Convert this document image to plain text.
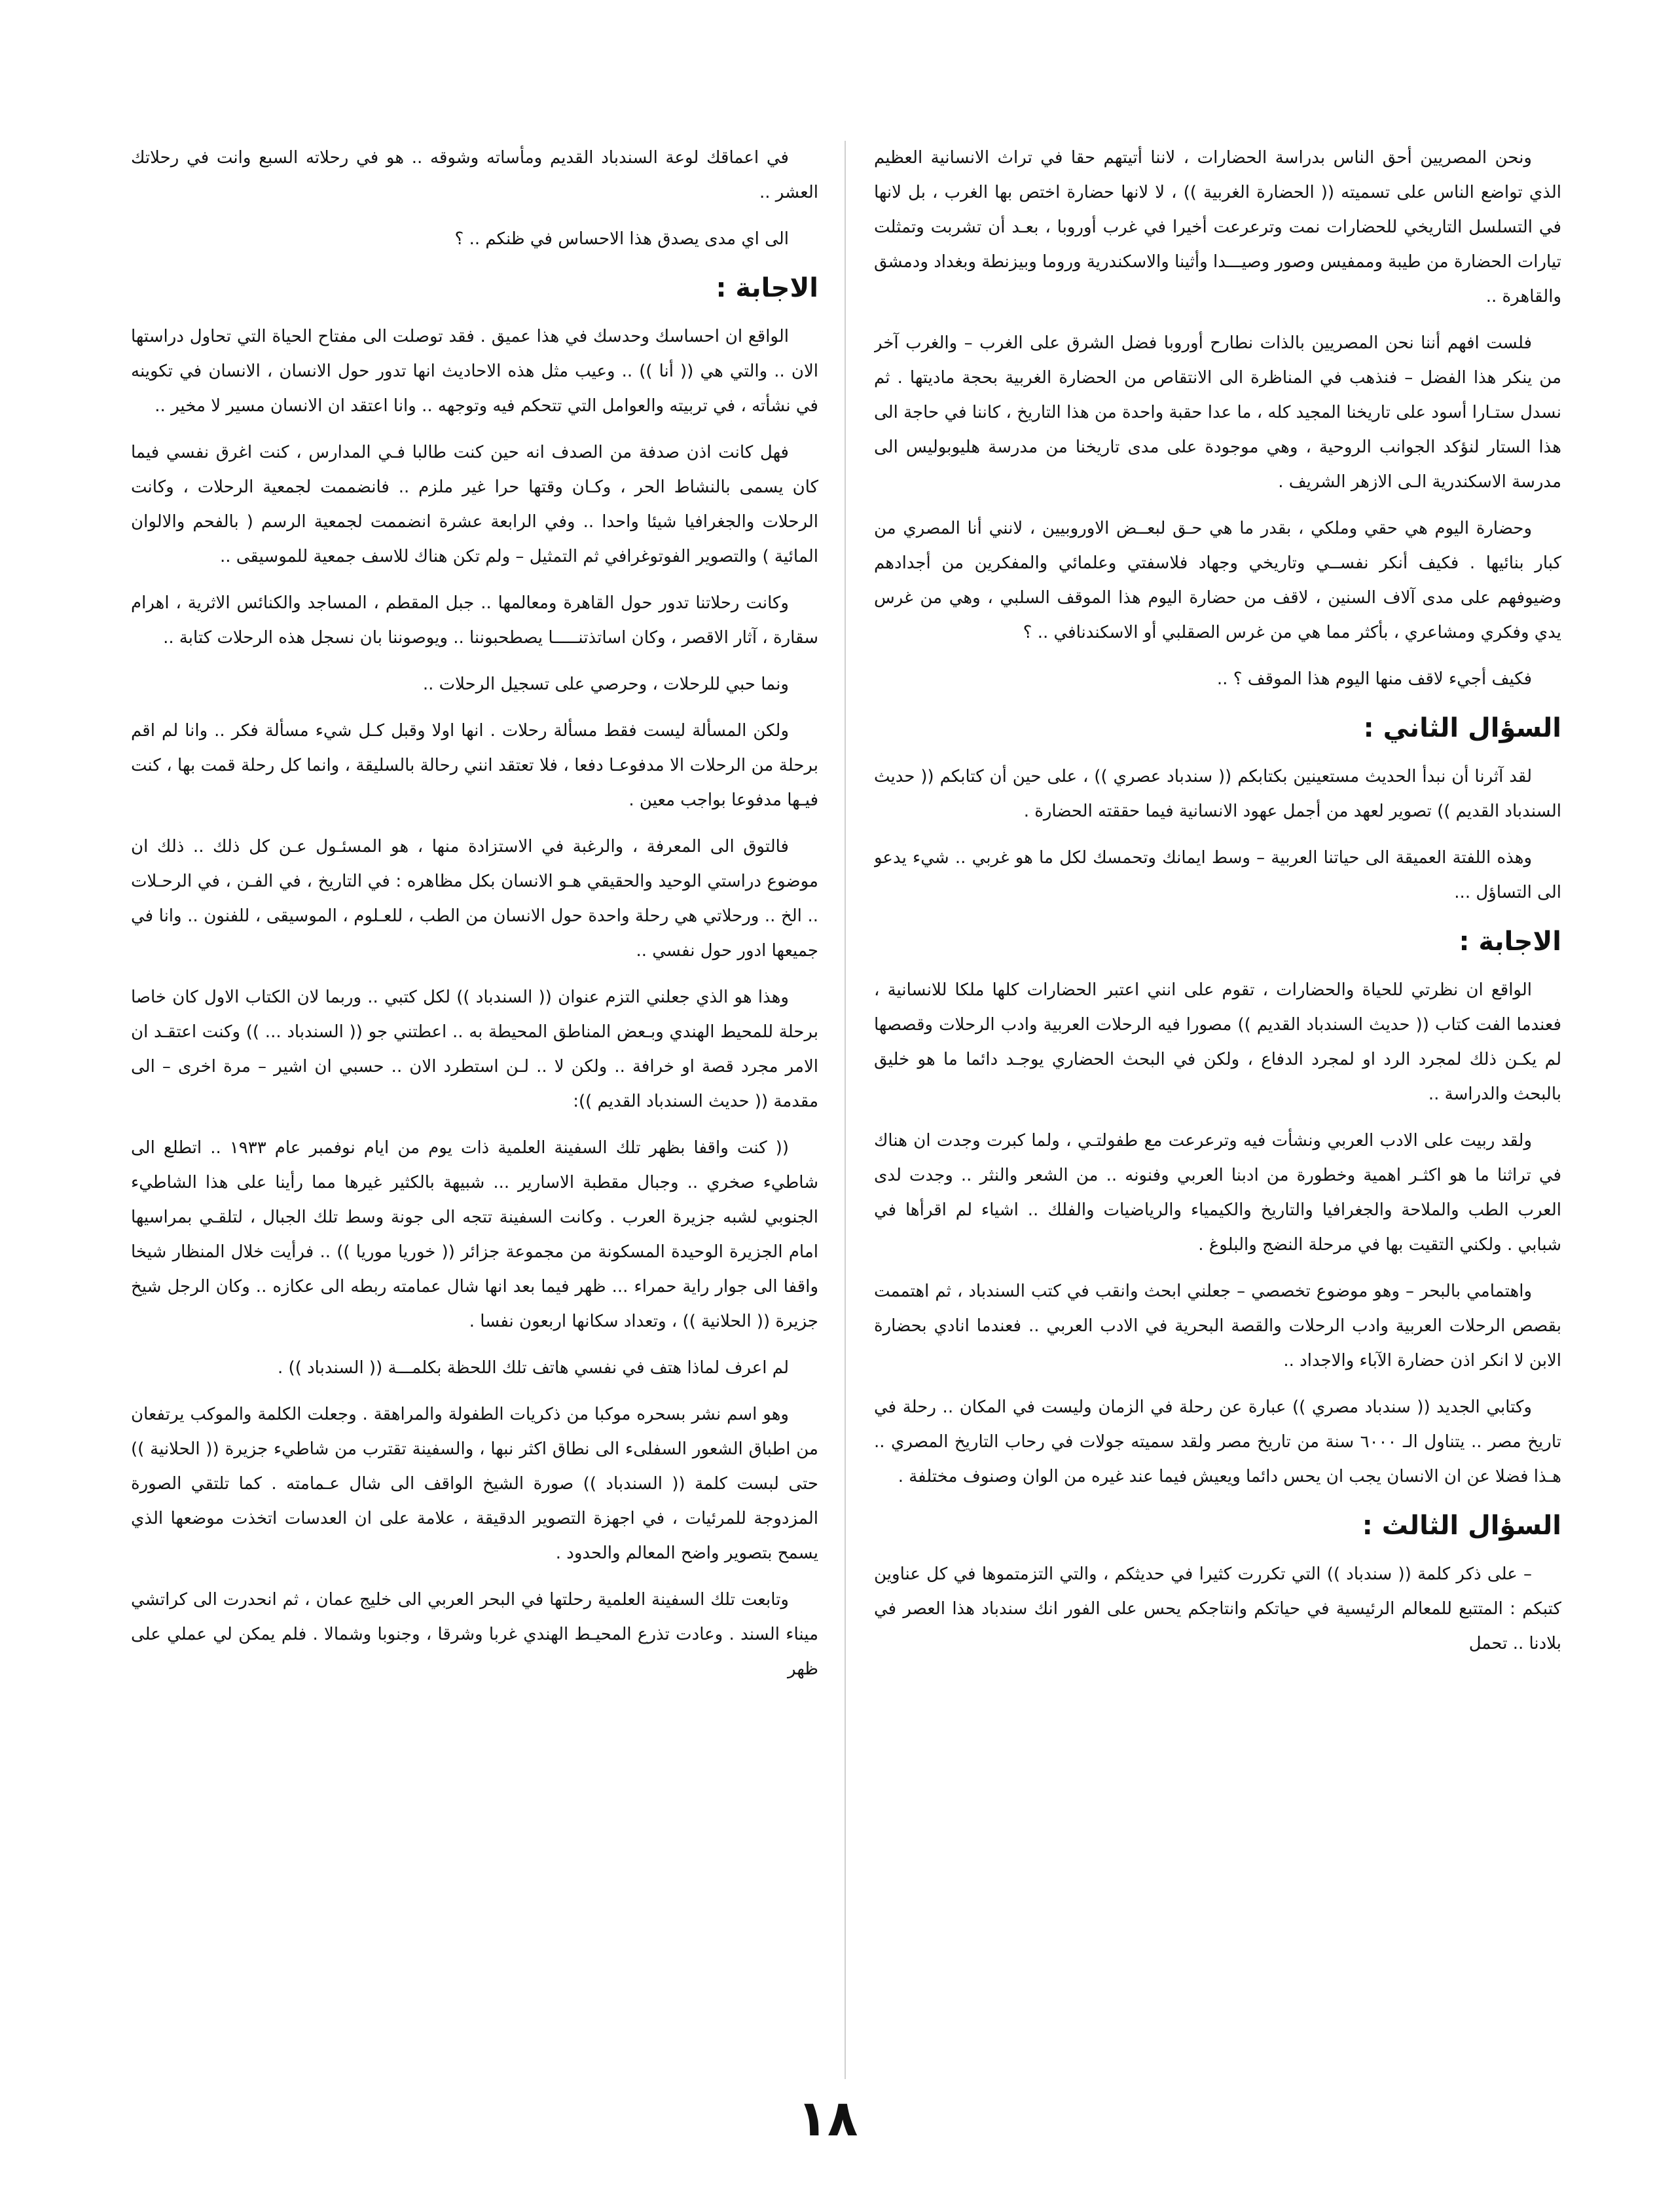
ونحن المصريين أحق الناس بدراسة الحضارات ، لاننا أتيتهم حقا في تراث الانسانية العظيم الذي تواضع الناس على تسميته (( الحضارة الغربية )) ، لا لانها حضارة اختص بها الغرب ، بل لانها في التسلسل التاريخي للحضارات نمت وترعرعت أخيرا في غرب أوروبا ، بعـد أن تشربت وتمثلت تيارات الحضارة من طيبة وممفيس وصور وصيـــدا وأثينا والاسكندرية وروما وبيزنطة وبغداد ودمشق والقاهرة ..

فلست افهم أننا نحن المصريين بالذات نطارح أوروبا فضل الشرق على الغرب – والغرب آخر من ينكر هذا الفضل – فنذهب في المناظرة الى الانتقاص من الحضارة الغربية بحجة ماديتها . ثم نسدل ستـارا أسود على تاريخنا المجيد كله ، ما عدا حقبة واحدة من هذا التاريخ ، كاننا في حاجة الى هذا الستار لنؤكد الجوانب الروحية ، وهي موجودة على مدى تاريخنا من مدرسة هليوبوليس الى مدرسة الاسكندرية الـى الازهر الشريف .

وحضارة اليوم هي حقي وملكي ، بقدر ما هي حـق لبعــض الاوروبيين ، لانني أنا المصري من كبار بنائيها . فكيف أنكر نفســي وتاريخي وجهاد فلاسفتي وعلمائي والمفكرين من أجدادهم وضيوفهم على مدى آلاف السنين ، لاقف من حضارة اليوم هذا الموقف السلبي ، وهي من غرس يدي وفكري ومشاعري ، بأكثر مما هي من غرس الصقلبي أو الاسكندنافي .. ؟

فكيف أجيء لاقف منها اليوم هذا الموقف ؟ ..

السؤال الثاني :

لقد آثرنا أن نبدأ الحديث مستعينين بكتابكم (( سندباد عصري )) ، على حين أن كتابكم (( حديث السندباد القديم )) تصوير لعهد من أجمل عهود الانسانية فيما حققته الحضارة .

وهذه اللفتة العميقة الى حياتنا العربية – وسط ايمانك وتحمسك لكل ما هو غربي .. شيء يدعو الى التساؤل ...

الاجابة :

الواقع ان نظرتي للحياة والحضارات ، تقوم على انني اعتبر الحضارات كلها ملكا للانسانية ، فعندما الفت كتاب (( حديث السندباد القديم )) مصورا فيه الرحلات العربية وادب الرحلات وقصصها لم يكـن ذلك لمجرد الرد او لمجرد الدفاع ، ولكن في البحث الحضاري يوجـد دائما ما هو خليق بالبحث والدراسة ..

ولقد ربيت على الادب العربي ونشأت فيه وترعرعت مع طفولتـي ، ولما كبرت وجدت ان هناك في تراثنا ما هو اكثـر اهمية وخطورة من ادبنا العربي وفنونه .. من الشعر والنثر .. وجدت لدى العرب الطب والملاحة والجغرافيا والتاريخ والكيمياء والرياضيات والفلك .. اشياء لم اقرأها في شبابي . ولكني التقيت بها في مرحلة النضج والبلوغ .

واهتمامي بالبحر – وهو موضوع تخصصي – جعلني ابحث وانقب في كتب السندباد ، ثم اهتممت بقصص الرحلات العربية وادب الرحلات والقصة البحرية في الادب العربي .. فعندما انادي بحضارة الابن لا انكر اذن حضارة الآباء والاجداد ..

وكتابي الجديد (( سندباد مصري )) عبارة عن رحلة في الزمان وليست في المكان .. رحلة في تاريخ مصر .. يتناول الـ ٦٠٠٠ سنة من تاريخ مصر ولقد سميته جولات في رحاب التاريخ المصري .. هـذا فضلا عن ان الانسان يجب ان يحس دائما ويعيش فيما عند غيره من الوان وصنوف مختلفة .

السؤال الثالث :

– على ذكر كلمة (( سندباد )) التي تكررت كثيرا في حديثكم ، والتي التزمتموها في كل عناوين كتبكم : المتتبع للمعالم الرئيسية في حياتكم وانتاجكم يحس على الفور انك سندباد هذا العصر في بلادنا .. تحمل

في اعماقك لوعة السندباد القديم ومأساته وشوقه .. هو في رحلاته السبع وانت في رحلاتك العشر ..

الى اي مدى يصدق هذا الاحساس في ظنكم .. ؟

الاجابة :

الواقع ان احساسك وحدسك في هذا عميق . فقد توصلت الى مفتاح الحياة التي تحاول دراستها الان .. والتي هي (( أنا )) .. وعيب مثل هذه الاحاديث انها تدور حول الانسان ، الانسان في تكوينه في نشأته ، في تربيته والعوامل التي تتحكم فيه وتوجهه .. وانا اعتقد ان الانسان مسير لا مخير ..

فهل كانت اذن صدفة من الصدف انه حين كنت طالبا فـي المدارس ، كنت اغرق نفسي فيما كان يسمى بالنشاط الحر ، وكـان وقتها حرا غير ملزم .. فانضممت لجمعية الرحلات ، وكانت الرحلات والجغرافيا شيئا واحدا .. وفي الرابعة عشرة انضممت لجمعية الرسم ( بالفحم والالوان المائية ) والتصوير الفوتوغرافي ثم التمثيل – ولم تكن هناك للاسف جمعية للموسيقى ..

وكانت رحلاتنا تدور حول القاهرة ومعالمها .. جبل المقطم ، المساجد والكنائس الاثرية ، اهرام سقارة ، آثار الاقصر ، وكان اساتذتنـــــا يصطحبوننا .. ويوصوننا بان نسجل هذه الرحلات كتابة ..

ونما حبي للرحلات ، وحرصي على تسجيل الرحلات ..

ولكن المسألة ليست فقط مسألة رحلات . انها اولا وقبل كـل شيء مسألة فكر .. وانا لم اقم برحلة من الرحلات الا مدفوعـا دفعا ، فلا تعتقد انني رحالة بالسليقة ، وانما كل رحلة قمت بها ، كنت فيـها مدفوعا بواجب معين .

فالتوق الى المعرفة ، والرغبة في الاستزادة منها ، هو المسئـول عـن كل ذلك .. ذلك ان موضوع دراستي الوحيد والحقيقي هـو الانسان بكل مظاهره : في التاريخ ، في الفـن ، في الرحـلات .. الخ .. ورحلاتي هي رحلة واحدة حول الانسان من الطب ، للعـلوم ، الموسيقى ، للفنون .. وانا في جميعها ادور حول نفسي ..

وهذا هو الذي جعلني التزم عنوان (( السندباد )) لكل كتبي .. وربما لان الكتاب الاول كان خاصا برحلة للمحيط الهندي وبـعض المناطق المحيطة به .. اعطتني جو (( السندباد ... )) وكنت اعتقـد ان الامر مجرد قصة او خرافة .. ولكن لا .. لـن استطرد الان .. حسبي ان اشير – مرة اخرى – الى مقدمة (( حديث السندباد القديم )):

(( كنت واقفا بظهر تلك السفينة العلمية ذات يوم من ايام نوفمبر عام ١٩٣٣ .. اتطلع الى شاطيء صخري .. وجبال مقطبة الاسارير ... شبيهة بالكثير غيرها مما رأينا على هذا الشاطيء الجنوبي لشبه جزيرة العرب . وكانت السفينة تتجه الى جونة وسط تلك الجبال ، لتلقـي بمراسيها امام الجزيرة الوحيدة المسكونة من مجموعة جزائر (( خوريا موريا )) .. فرأيت خلال المنظار شيخا واقفا الى جوار راية حمراء ... ظهر فيما بعد انها شال عمامته ربطه الى عكازه .. وكان الرجل شيخ جزيرة (( الحلانية )) ، وتعداد سكانها اربعون نفسا .

لم اعرف لماذا هتف في نفسي هاتف تلك اللحظة بكلمـــة (( السندباد )) .

وهو اسم نشر بسحره موكبا من ذكريات الطفولة والمراهقة . وجعلت الكلمة والموكب يرتفعان من اطباق الشعور السفلىء الى نطاق اكثر نبها ، والسفينة تقترب من شاطيء جزيرة (( الحلانية )) حتى لبست كلمة (( السندباد )) صورة الشيخ الواقف الى شال عـمامته . كما تلتقي الصورة المزدوجة للمرئيات ، في اجهزة التصوير الدقيقة ، علامة على ان العدسات اتخذت موضعها الذي يسمح بتصوير واضح المعالم والحدود .

وتابعت تلك السفينة العلمية رحلتها في البحر العربي الى خليج عمان ، ثم انحدرت الى كراتشي ميناء السند . وعادت تذرع المحيـط الهندي غربا وشرقا ، وجنوبا وشمالا . فلم يمكن لي عملي على ظهر

١٨
